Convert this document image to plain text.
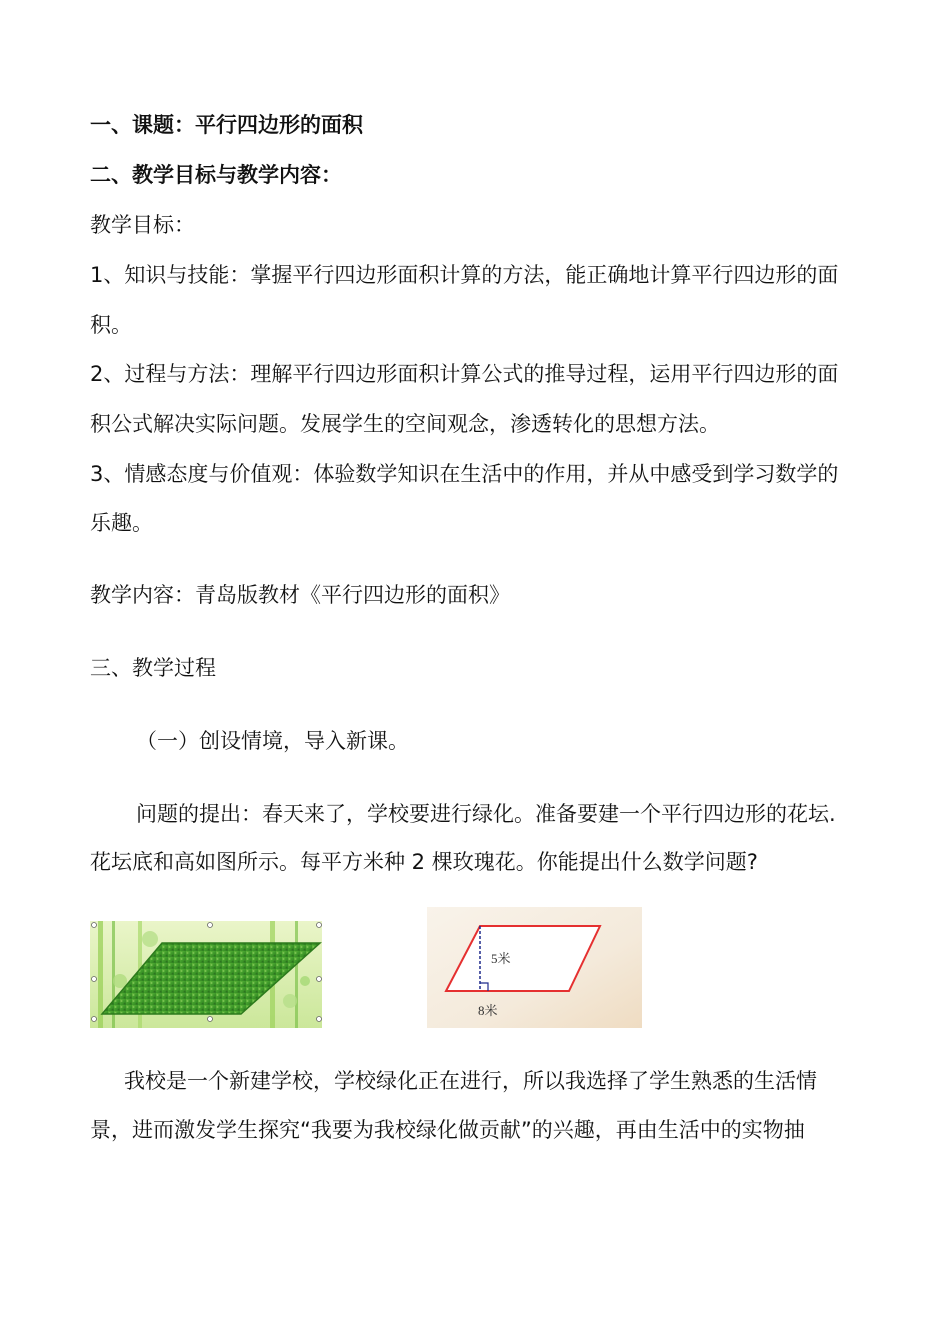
一、课题：平行四边形的面积
二、教学目标与教学内容：
教学目标：
1、知识与技能：掌握平行四边形面积计算的方法，能正确地计算平行四边形的面
积。
2、过程与方法：理解平行四边形面积计算公式的推导过程，运用平行四边形的面
积公式解决实际问题。发展学生的空间观念，渗透转化的思想方法。
3、情感态度与价值观：体验数学知识在生活中的作用，并从中感受到学习数学的
乐趣。
教学内容：青岛版教材《平行四边形的面积》
三、教学过程
（一）创设情境，导入新课。
问题的提出：春天来了，学校要进行绿化。准备要建一个平行四边形的花坛.
花坛底和高如图所示。每平方米种 2 棵玫瑰花。你能提出什么数学问题?
5米
8米
我校是一个新建学校，学校绿化正在进行，所以我选择了学生熟悉的生活情
景，进而激发学生探究“我要为我校绿化做贡献”的兴趣，再由生活中的实物抽
